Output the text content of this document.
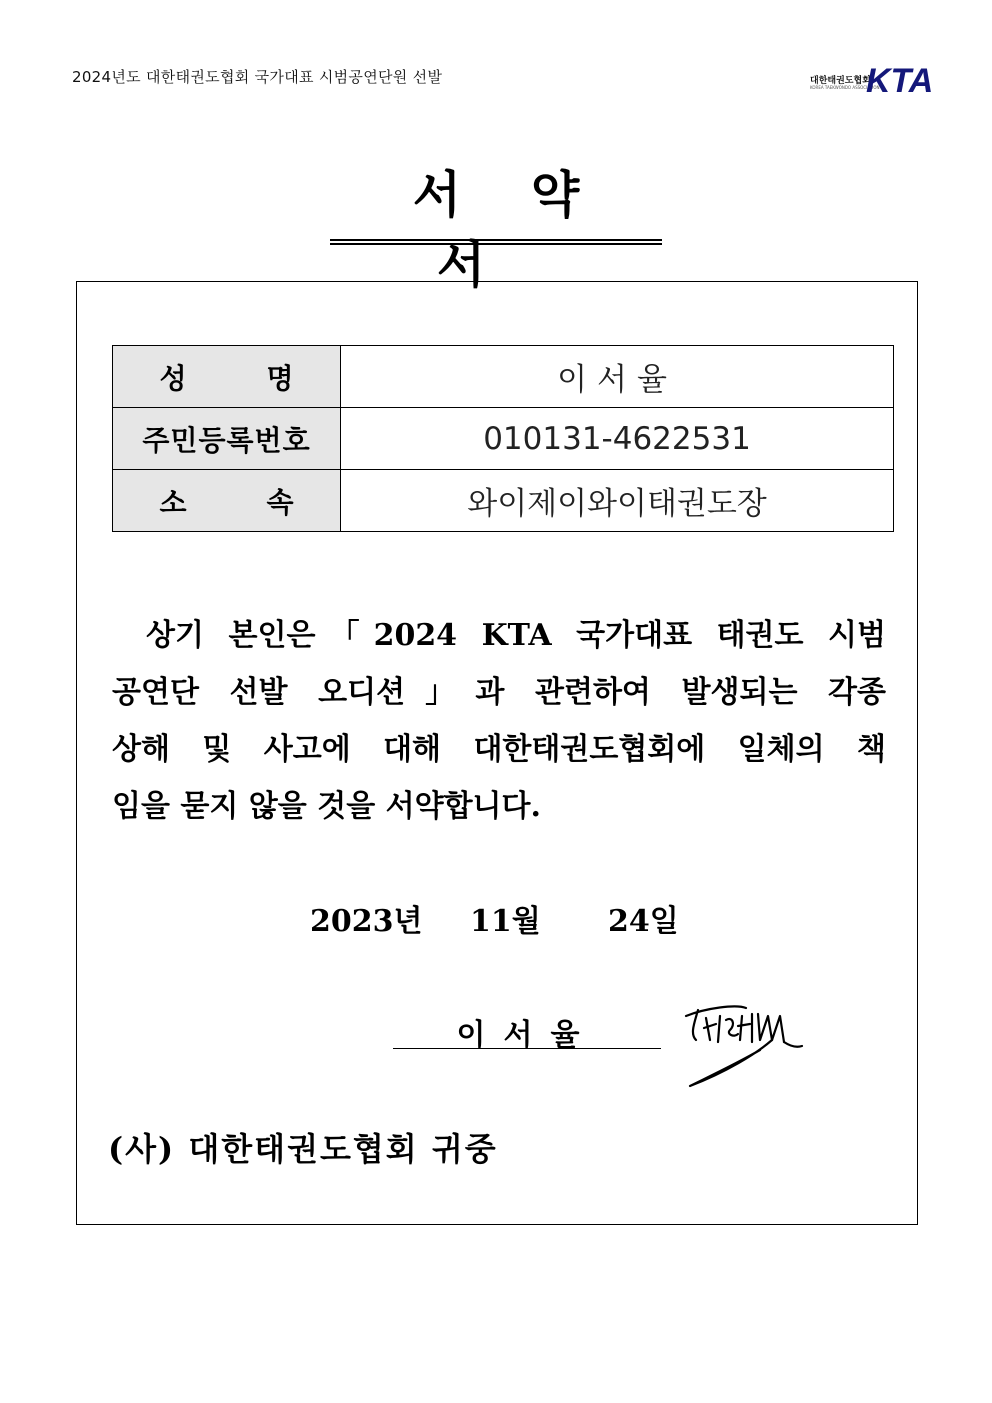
2024년도 대한태권도협회 국가대표 시범공연단원 선발	대한태권도협회
KOREA TAEKWONDO ASSOCIATION
KTA
서약서
성명	이서율
주민등록번호	010131-4622531
소속	와이제이와이태권도장
상기 본인은「2024 KTA 국가대표 태권도 시범
공연단 선발 오디션」과 관련하여 발생되는 각종
상해 및 사고에 대해 대한태권도협회에 일체의 책
임을 묻지 않을 것을 서약합니다.
2023년 11월 24일
이서율
(사) 대한태권도협회 귀중
